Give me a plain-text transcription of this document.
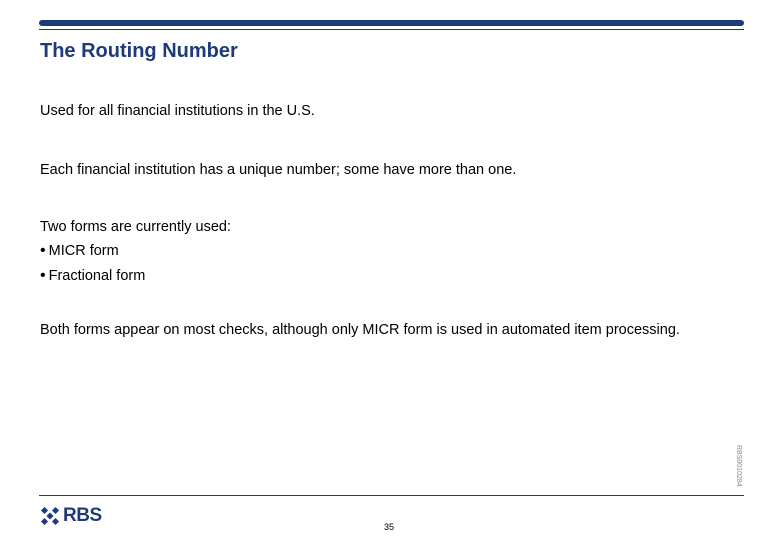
The Routing Number
Used for all financial institutions in the U.S.
Each financial institution has a unique number; some have more than one.
Two forms are currently used:
• MICR form
• Fractional form
Both forms appear on most checks, although only MICR form is used in automated item processing.
RBS0010284
RBS
35
